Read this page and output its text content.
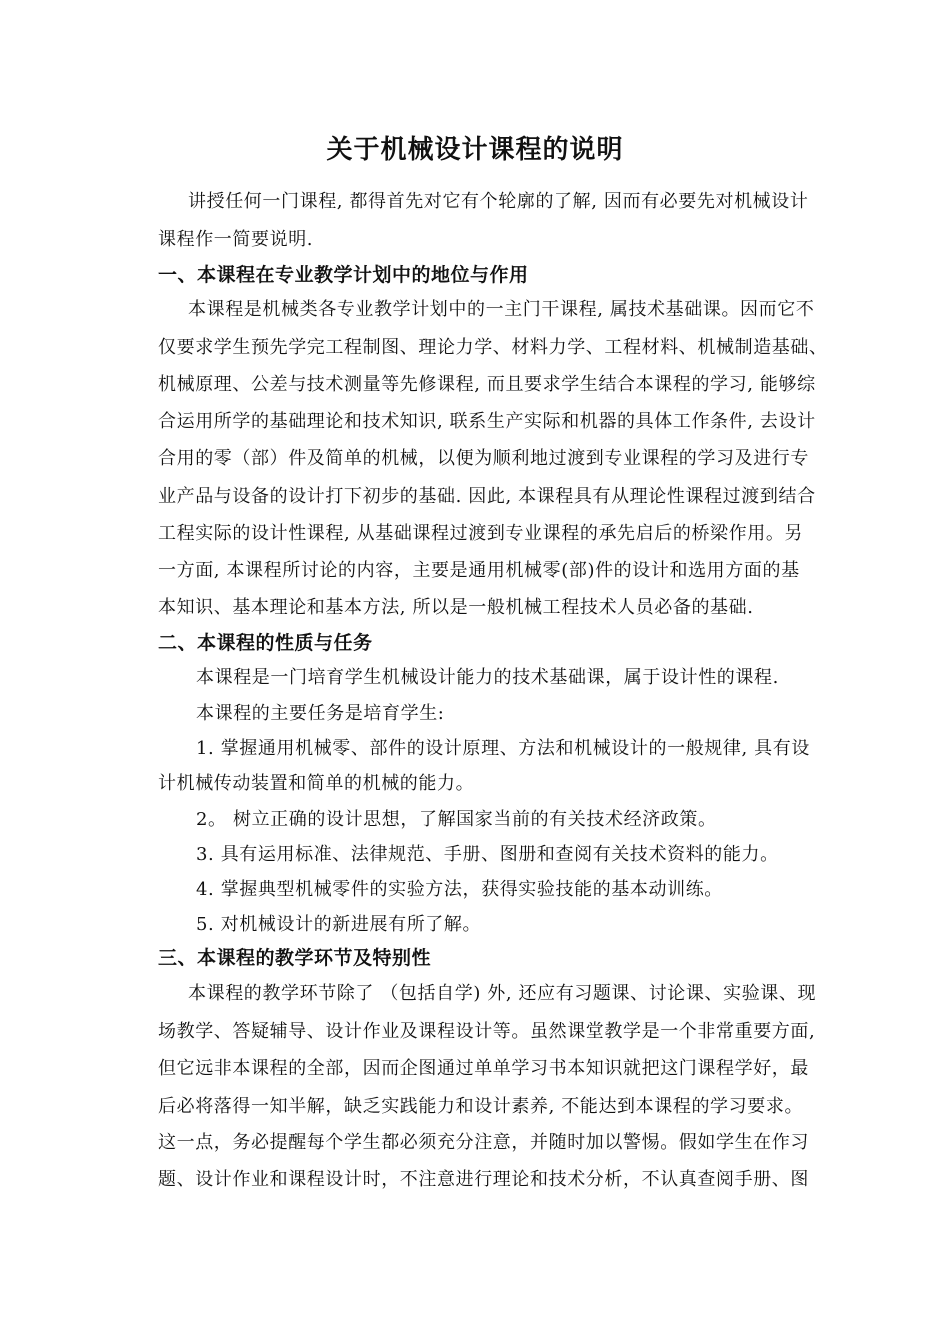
关于机械设计课程的说明
讲授任何一门课程, 都得首先对它有个轮廓的了解, 因而有必要先对机械设计
课程作一简要说明.
一、本课程在专业教学计划中的地位与作用
本课程是机械类各专业教学计划中的一主门干课程, 属技术基础课。因而它不
仅要求学生预先学完工程制图、理论力学、材料力学、工程材料、机械制造基础、
机械原理、公差与技术测量等先修课程, 而且要求学生结合本课程的学习, 能够综
合运用所学的基础理论和技术知识, 联系生产实际和机器的具体工作条件, 去设计
合用的零（部）件及简单的机械，以便为顺利地过渡到专业课程的学习及进行专
业产品与设备的设计打下初步的基础. 因此, 本课程具有从理论性课程过渡到结合
工程实际的设计性课程, 从基础课程过渡到专业课程的承先启后的桥梁作用。另
一方面, 本课程所讨论的内容，主要是通用机械零(部)件的设计和选用方面的基
本知识、基本理论和基本方法, 所以是一般机械工程技术人员必备的基础.
二、本课程的性质与任务
本课程是一门培育学生机械设计能力的技术基础课，属于设计性的课程.
本课程的主要任务是培育学生:
1. 掌握通用机械零、部件的设计原理、方法和机械设计的一般规律, 具有设
计机械传动装置和简单的机械的能力。
2。 树立正确的设计思想，了解国家当前的有关技术经济政策。
3. 具有运用标准、法律规范、手册、图册和查阅有关技术资料的能力。
4. 掌握典型机械零件的实验方法，获得实验技能的基本动训练。
5. 对机械设计的新进展有所了解。
三、本课程的教学环节及特别性
本课程的教学环节除了 （包括自学) 外, 还应有习题课、讨论课、实验课、现
场教学、答疑辅导、设计作业及课程设计等。虽然课堂教学是一个非常重要方面,
但它远非本课程的全部，因而企图通过单单学习书本知识就把这门课程学好，最
后必将落得一知半解，缺乏实践能力和设计素养, 不能达到本课程的学习要求。
这一点，务必提醒每个学生都必须充分注意，并随时加以警惕。假如学生在作习
题、设计作业和课程设计时，不注意进行理论和技术分析，不认真查阅手册、图
